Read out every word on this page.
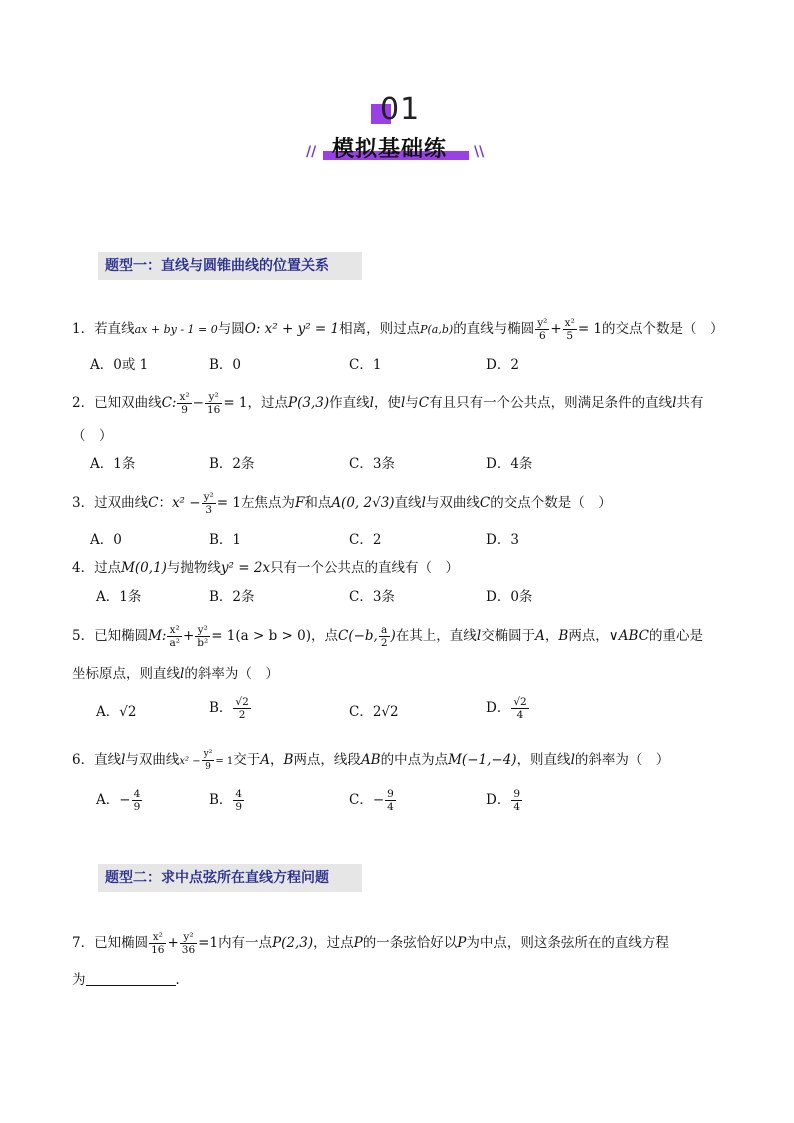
01
模拟基础练
//	\\
题型一：直线与圆锥曲线的位置关系
1．若直线ax + by - 1 = 0与圆O: x² + y² = 1相离，则过点P(a,b)的直线与椭圆 $\frac{\text{y²}}{6} + \frac{\text{x²}}{5} = 1$的交点个数是（　）
A．0或 1	B．0	C．1	D．2
2．已知双曲线C: $\frac{\text{x²}}{9} - \frac{\text{y²}}{16} = 1$，过点P(3,3)作直线l，使l与C有且只有一个公共点，则满足条件的直线l共有
（　）
A．1条	B．2条	C．3条	D．4条
3．过双曲线C：$x^2 - \frac{\text{y²}}{3} = 1$左焦点为F和点A(0, 2√3)直线l与双曲线C的交点个数是（　）
A．0	B．1	C．2	D．3
4．过点M(0,1)与抛物线y² = 2x只有一个公共点的直线有（　）
A．1条	B．2条	C．3条	D．0条
5．已知椭圆M: $\frac{\text{x²}}{\text{a²}} + \frac{\text{y²}}{\text{b²}} = 1(a > b > 0)$，点C(−b, $\frac{a}{2}$ )在其上，直线l交椭圆于A，B两点，∨ABC的重心是
坐标原点，则直线l的斜率为（　）
A．√2	B． $\frac{√2}{2}$	C．2√2	D． $\frac{√2}{4}$
6．直线l与双曲线$x^2 - \frac{\text{y²}}{9} = 1$交于A，B两点，线段AB的中点为点M(−1,−4)，则直线l的斜率为（　）
A．− $\frac{4}{9}$	B． $\frac{4}{9}$	C．− $\frac{9}{4}$	D． $\frac{9}{4}$
题型二：求中点弦所在直线方程问题
7．已知椭圆 $\frac{\text{x²}}{16} + \frac{\text{y²}}{36} =1$内有一点P(2,3)，过点P的一条弦恰好以P为中点，则这条弦所在的直线方程
为	．
